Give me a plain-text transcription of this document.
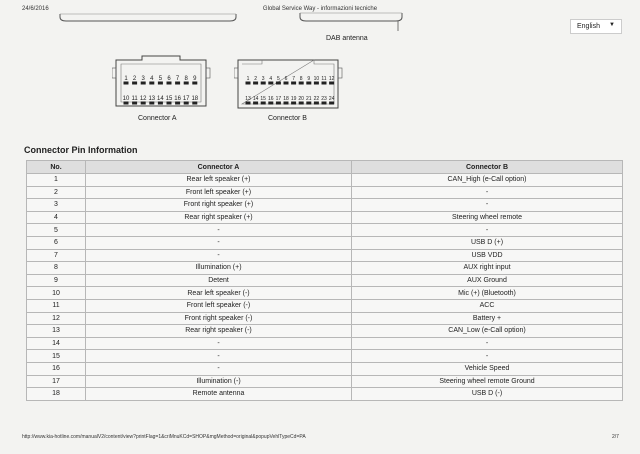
24/6/2016	Global Service Way - informazioni tecniche
DAB antenna
English ▼
1 2 3 4 5 6 7 8 9
10 11 12 13 14 15 16 17 18
Connector A
1 2 3 4 5 6 7 8 9 10 11 12
13 14 15 16 17 18 19 20 21 22 23 24
Connector B
Connector Pin Information
No.	Connector A	Connector B
1	Rear left speaker (+)	CAN_High (e-Call option)
2	Front left speaker (+)	-
3	Front right speaker (+)	-
4	Rear right speaker (+)	Steering wheel remote
5	-	-
6	-	USB D (+)
7	-	USB VDD
8	Illumination (+)	AUX right input
9	Detent	AUX Ground
10	Rear left speaker (-)	Mic (+) (Bluetooth)
11	Front left speaker (-)	ACC
12	Front right speaker (-)	Battery +
13	Rear right speaker (-)	CAN_Low (e-Call option)
14	-	-
15	-	-
16	-	Vehicle Speed
17	Illumination (-)	Steering wheel remote Ground
18	Remote antenna	USB D (-)
http://www.kia-hotline.com/manualV2/content/view?printFlag=1&criMnuKCd=SHOP&mgMethod=original&popupVehlTypeCd=PA	2/7
